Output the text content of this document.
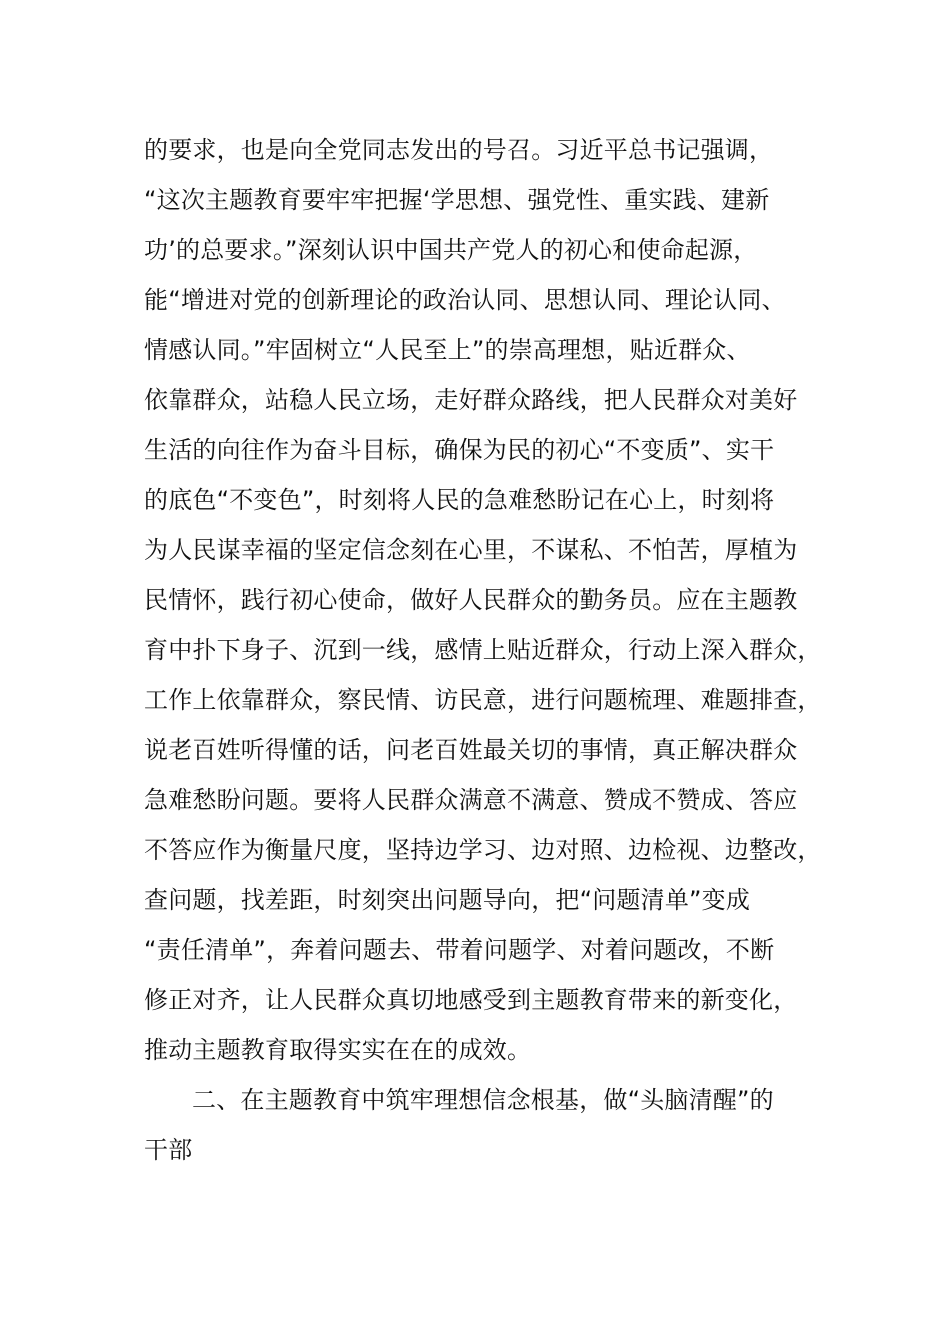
的要求，也是向全党同志发出的号召。习近平总书记强调，
“这次主题教育要牢牢把握‘学思想、强党性、重实践、建新
功’的总要求。”深刻认识中国共产党人的初心和使命起源，
能“增进对党的创新理论的政治认同、思想认同、理论认同、
情感认同。”牢固树立“人民至上”的崇高理想，贴近群众、
依靠群众，站稳人民立场，走好群众路线，把人民群众对美好
生活的向往作为奋斗目标，确保为民的初心“不变质”、实干
的底色“不变色”，时刻将人民的急难愁盼记在心上，时刻将
为人民谋幸福的坚定信念刻在心里，不谋私、不怕苦，厚植为
民情怀，践行初心使命，做好人民群众的勤务员。应在主题教
育中扑下身子、沉到一线，感情上贴近群众，行动上深入群众，
工作上依靠群众，察民情、访民意，进行问题梳理、难题排查，
说老百姓听得懂的话，问老百姓最关切的事情，真正解决群众
急难愁盼问题。要将人民群众满意不满意、赞成不赞成、答应
不答应作为衡量尺度，坚持边学习、边对照、边检视、边整改，
查问题，找差距，时刻突出问题导向，把“问题清单”变成
“责任清单”，奔着问题去、带着问题学、对着问题改，不断
修正对齐，让人民群众真切地感受到主题教育带来的新变化，
推动主题教育取得实实在在的成效。
二、在主题教育中筑牢理想信念根基，做“头脑清醒”的
干部
